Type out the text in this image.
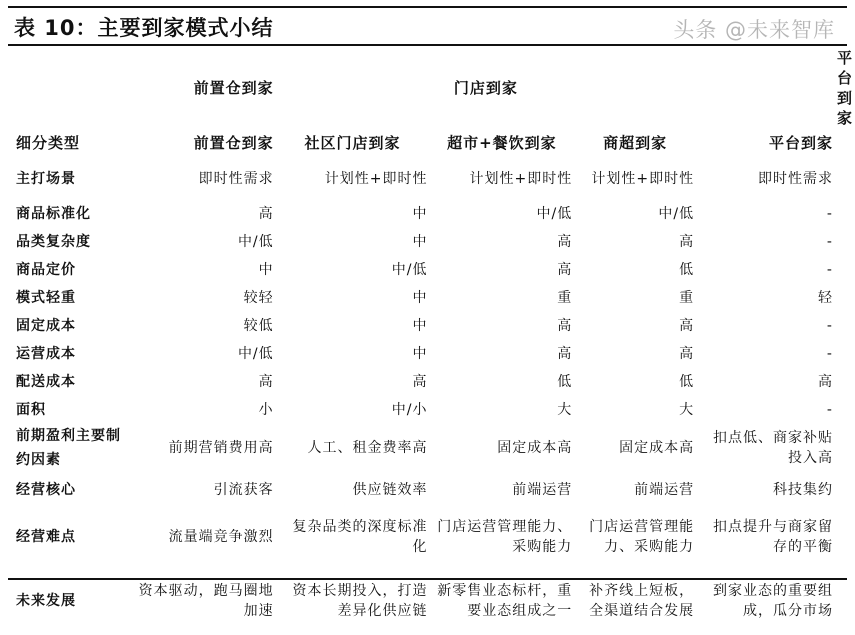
表 10：主要到家模式小结	头条 @未来智库
	前置仓到家	门店到家				平台到家
细分类型	前置仓到家	社区门店到家	超市+餐饮到家	商超到家	平台到家	
主打场景	即时性需求	计划性+即时性	计划性+即时性	计划性+即时性	即时性需求	
商品标准化	高	中	中/低	中/低	-	
品类复杂度	中/低	中	高	高	-	
商品定价	中	中/低	高	低	-	
模式轻重	较轻	中	重	重	轻	
固定成本	较低	中	高	高	-	
运营成本	中/低	中	高	高	-	
配送成本	高	高	低	低	高	
面积	小	中/小	大	大	-	
前期盈利主要制约因素	前期营销费用高	人工、租金费率高	固定成本高	固定成本高	扣点低、商家补贴投入高	
经营核心	引流获客	供应链效率	前端运营	前端运营	科技集约	
经营难点	流量端竞争激烈	复杂品类的深度标准化	门店运营管理能力、采购能力	门店运营管理能力、采购能力	扣点提升与商家留存的平衡	
未来发展	资本驱动，跑马圈地加速	资本长期投入，打造差异化供应链	新零售业态标杆，重要业态组成之一	补齐线上短板，全渠道结合发展	到家业态的重要组成，瓜分市场	
